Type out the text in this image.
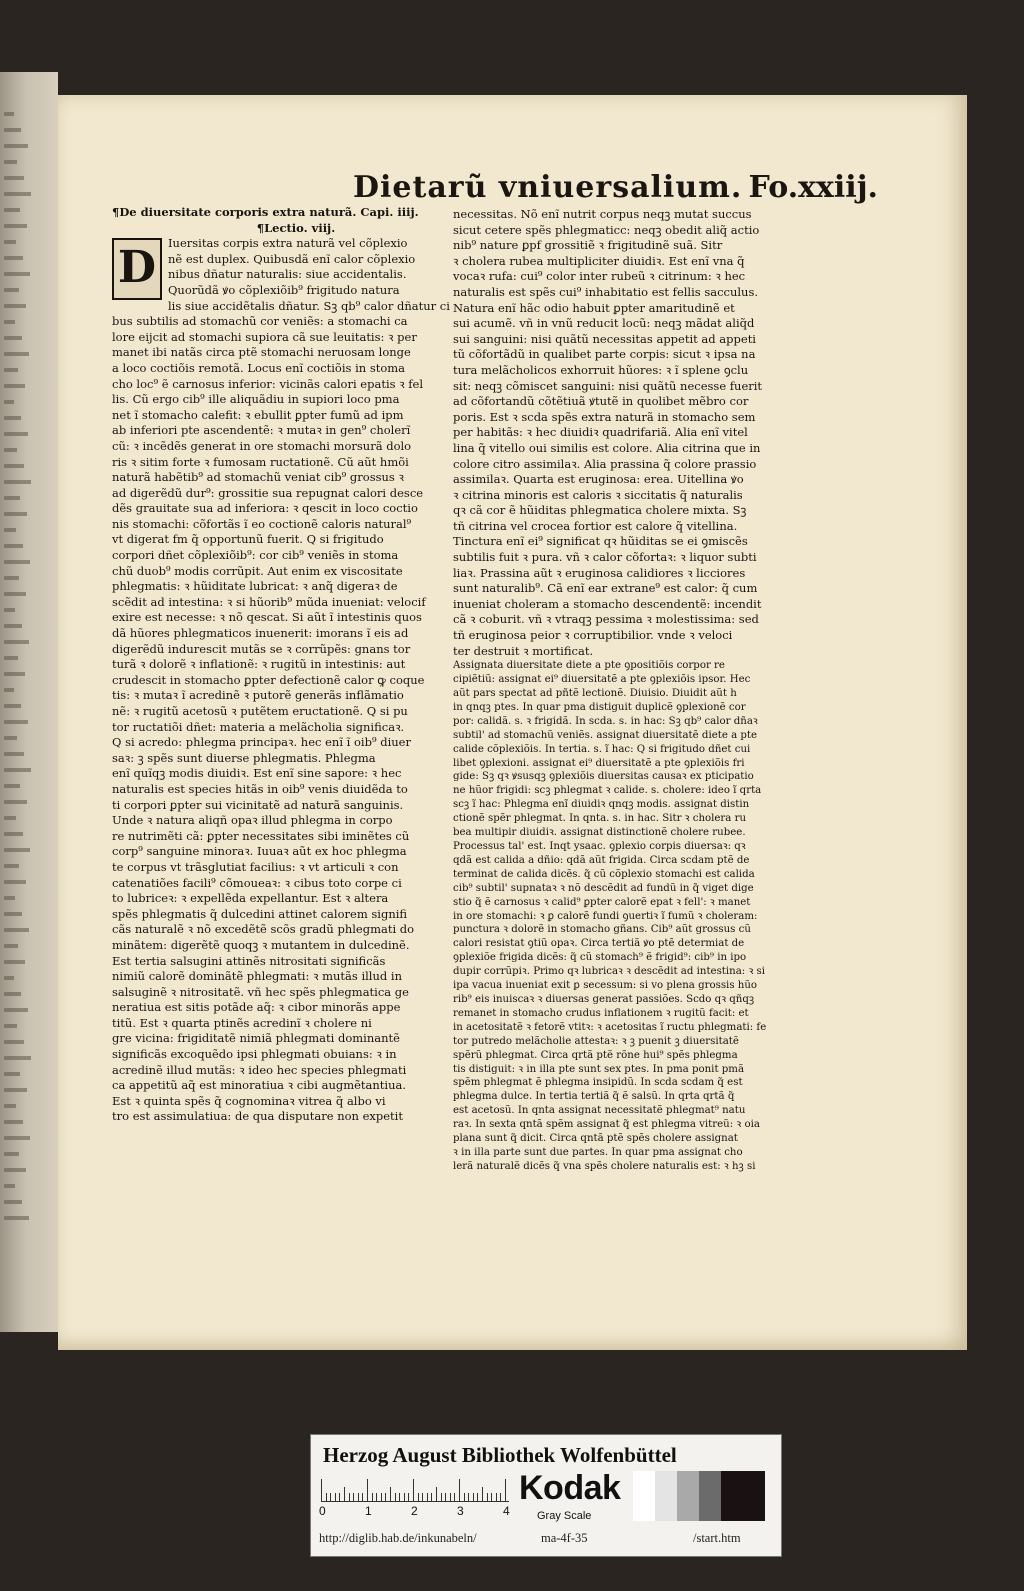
Dietarũ vniuersalium. Fo.xxiij.

¶De diuersitate corporis extra naturã. Capi. iiij.

¶Lectio. viij.

D	Iuersitas corpis extra naturã vel cõplexio
nẽ est duplex. Quibusdã enĩ calor cõplexio
nibus dñatur naturalis: siue accidentalis.
Quorũdã ꝟo cõplexiõib⁹ frigitudo natura
lis siue accidẽtalis dñatur. Sꝫ qb⁹ calor dñatur ci
bus subtilis ad stomachũ cor veniẽs: a stomachi ca
lore eijcit ad stomachi supiora cã sue leuitatis: ꝛ per
manet ibi natãs circa ptẽ stomachi neruosam longe
a loco coctiõis remotã. Locus enĩ coctiõis in stoma
cho loc⁹ ẽ carnosus inferior: vicinãs calori epatis ꝛ fel
lis. Cũ ergo cib⁹ ille aliquãdiu in supiori loco pma
net ĩ stomacho calefit: ꝛ ebullit ꝑpter fumũ ad ipm
ab inferiori pte ascendentẽ: ꝛ mutaꝛ in gen⁹ cholerĩ
cũ: ꝛ incẽdẽs generat in ore stomachi morsurã dolo
ris ꝛ sitim forte ꝛ fumosam ructationẽ. Cũ aũt hmõi
naturã habẽtib⁹ ad stomachũ veniat cib⁹ grossus ꝛ
ad digerẽdũ dur⁹: grossitie sua repugnat calori desce
dẽs grauitate sua ad inferiora: ꝛ qescit in loco coctio
nis stomachi: cõfortãs ĩ eo coctionẽ caloris natural⁹
vt digerat fm q̃ opportunũ fuerit. Q si frigitudo
corpori dñet cõplexiõib⁹: cor cib⁹ veniẽs in stoma
chũ duob⁹ modis corrũpit. Aut enim ex viscositate
phlegmatis: ꝛ hũiditate lubricat: ꝛ anq̃ digeraꝛ de
scẽdit ad intestina: ꝛ si hũorib⁹ mũda inueniat: velocif
exire est necesse: ꝛ nõ qescat. Si aũt ĩ intestinis quos
dã hũores phlegmaticos inuenerit: imorans ĩ eis ad
digerẽdũ indurescit mutãs se ꝛ corrũpẽs: gnans tor
turã ꝛ dolorẽ ꝛ inflationẽ: ꝛ rugitũ in intestinis: aut
crudescit in stomacho ꝑpter defectionẽ calor ꝙ coque
tis: ꝛ mutaꝛ ĩ acredinẽ ꝛ putorẽ generãs inflãmatio
nẽ: ꝛ rugitũ acetosũ ꝛ putẽtem eructationẽ. Q si pu
tor ructatiõi dñet: materia a melãcholia significaꝛ.
Q si acredo: phlegma principaꝛ. hec enĩ ĩ oib⁹ diuer
saꝛ: ꝫ spẽs sunt diuerse phlegmatis. Phlegma
enĩ quĩqꝫ modis diuidiꝛ. Est enĩ sine sapore: ꝛ hec
naturalis est species hitãs in oib⁹ venis diuidẽda to
ti corpori ꝑpter sui vicinitatẽ ad naturã sanguinis.
Unde ꝛ natura aliqñ opaꝛ illud phlegma in corpo
re nutrimẽti cã: ꝑpter necessitates sibi iminẽtes cũ
corp⁹ sanguine minoraꝛ. Iuuaꝛ aũt ex hoc phlegma
te corpus vt trãsglutiat facilius: ꝛ vt articuli ꝛ con
catenatiões facili⁹ cõmoueaꝛ: ꝛ cibus toto corpe ci
to lubriceꝛ: ꝛ expellẽda expellantur. Est ꝛ altera
spẽs phlegmatis q̃ dulcedini attinet calorem signifi
cãs naturalẽ ꝛ nõ excedẽtẽ scõs gradũ phlegmati do
minãtem: digerẽtẽ quoqꝫ ꝛ mutantem in dulcedinẽ.
Est tertia salsugini attinẽs nitrositati significãs
nimiũ calorẽ dominãtẽ phlegmati: ꝛ mutãs illud in
salsuginẽ ꝛ nitrositatẽ. vñ hec spẽs phlegmatica ge
neratiua est sitis potãde aq̃: ꝛ cibor minorãs appe
titũ. Est ꝛ quarta ptinẽs acredinĩ ꝛ cholere ni
gre vicina: frigiditatẽ nimiã phlegmati dominantẽ
significãs excoquẽdo ipsi phlegmati obuians: ꝛ in
acredinẽ illud mutãs: ꝛ ideo hec species phlegmati
ca appetitũ aq̃ est minoratiua ꝛ cibi augmẽtantiua.
Est ꝛ quinta spẽs q̃ cognominaꝛ vitrea q̃ albo vi
tro est assimulatiua: de qua disputare non expetit
necessitas. Nõ enĩ nutrit corpus neqꝫ mutat succus
sicut cetere spẽs phlegmaticc: neqꝫ obedit aliq̃ actio
nib⁹ nature ꝑpf grossitiẽ ꝛ frigitudinẽ suã. Sitr
ꝛ cholera rubea multipliciter diuidiꝛ. Est enĩ vna q̃
vocaꝛ rufa: cui⁹ color inter rubeũ ꝛ citrinum: ꝛ hec
naturalis est spẽs cui⁹ inhabitatio est fellis sacculus.
Natura enĩ hãc odio habuit ꝑpter amaritudinẽ et
sui acumẽ. vñ in vnũ reducit locũ: neqꝫ mãdat aliq̃d
sui sanguini: nisi quãtũ necessitas appetit ad appeti
tũ cõfortãdũ in qualibet parte corpis: sicut ꝛ ipsa na
tura melãcholicos exhorruit hũores: ꝛ ĩ splene ꝯclu
sit: neqꝫ cõmiscet sanguini: nisi quãtũ necesse fuerit
ad cõfortandũ cõtẽtiuã ꝟtutẽ in quolibet mẽbro cor
poris. Est ꝛ scda spẽs extra naturã in stomacho sem
per habitãs: ꝛ hec diuidiꝛ quadrifariã. Alia enĩ vitel
lina q̃ vitello oui similis est colore. Alia citrina que in
colore citro assimilaꝛ. Alia prassina q̃ colore prassio
assimilaꝛ. Quarta est eruginosa: erea. Uitellina ꝟo
ꝛ citrina minoris est caloris ꝛ siccitatis q̃ naturalis
qꝛ cã cor ẽ hũiditas phlegmatica cholere mixta. Sꝫ
tñ citrina vel crocea fortior est calore q̃ vitellina.
Tinctura enĩ ei⁹ significat qꝛ hũiditas se ei ꝯmiscẽs
subtilis fuit ꝛ pura. vñ ꝛ calor cõfortaꝛ: ꝛ liquor subti
liaꝛ. Prassina aũt ꝛ eruginosa calidiores ꝛ licciores
sunt naturalib⁹. Cã enĩ ear extrane⁹ est calor: q̃ cum
inueniat choleram a stomacho descendentẽ: incendit
cã ꝛ coburit. vñ ꝛ vtraqꝫ pessima ꝛ molestissima: sed
tñ eruginosa peior ꝛ corruptibilior. vnde ꝛ veloci
ter destruit ꝛ mortificat.
Assignata diuersitate diete a pte ꝯpositiõis corpor re
cipiẽtiũ: assignat ei⁹ diuersitatẽ a pte ꝯplexiõis ipsor. Hec
aũt pars spectat ad pñtẽ lectionẽ. Diuisio. Diuidit aũt h
in qnqꝫ ptes. In quar pma distiguit duplicẽ ꝯplexionẽ cor
por: calidã. s. ꝛ frigidã. In scda. s. in hac: Sꝫ qb⁹ calor dñaꝛ
subtil' ad stomachũ veniẽs. assignat diuersitatẽ diete a pte
calide cõplexiõis. In tertia. s. ĩ hac: Q si frigitudo dñet cui
libet ꝯplexioni. assignat ei⁹ diuersitatẽ a pte ꝯplexiõis fri
gide: Sꝫ qꝛ ꝟsusqꝫ ꝯplexiõis diuersitas causaꝛ ex pticipatio
ne hũor frigidi: scꝫ phlegmat ꝛ calide. s. cholere: ideo ĩ qrta
scꝫ ĩ hac: Phlegma enĩ diuidiꝛ qnqꝫ modis. assignat distin
ctionẽ spẽr phlegmat. In qnta. s. in hac. Sitr ꝛ cholera ru
bea multipir diuidiꝛ. assignat distinctionẽ cholere rubee.
Processus tal' est. Inqt ysaac. ꝯplexio corpis diuersaꝛ: qꝛ
qdã est calida a dñio: qdã aũt frigida. Circa scdam ptẽ de
terminat de calida dicẽs. q̃ cũ cõplexio stomachi est calida
cib⁹ subtil' supnataꝛ ꝛ nõ descẽdit ad fundũ in q̃ viget dige
stio q̃ ẽ carnosus ꝛ calid⁹ ꝑpter calorẽ epat ꝛ fell': ꝛ manet
in ore stomachi: ꝛ ꝑ calorẽ fundi ꝯuertiꝛ ĩ fumũ ꝛ choleram:
punctura ꝛ dolorẽ in stomacho gñans. Cib⁹ aũt grossus cũ
calori resistat ꝯtiũ opaꝛ. Circa tertiã ꝟo ptẽ determiat de
ꝯplexiõe frigida dicẽs: q̃ cũ stomach⁹ ẽ frigid⁹: cib⁹ in ipo
dupir corrũpiꝛ. Primo qꝛ lubricaꝛ ꝛ descẽdit ad intestina: ꝛ si
ipa vacua inueniat exit ꝑ secessum: si vo plena grossis hũo
rib⁹ eis inuiscaꝛ ꝛ diuersas generat passiões. Scdo qꝛ qñqꝫ
remanet in stomacho crudus inflationem ꝛ rugitũ facit: et
in acetositatẽ ꝛ fetorẽ vtitꝛ: ꝛ acetositas ĩ ructu phlegmati: fe
tor putredo melãcholie attestaꝛ: ꝛ ꝫ puenit ꝫ diuersitatẽ
spẽrũ phlegmat. Circa qrtã ptẽ rõne hui⁹ spẽs phlegma
tis distiguit: ꝛ in illa pte sunt sex ptes. In pma ponit pmã
spẽm phlegmat ẽ phlegma insipidũ. In scda scdam q̃ est
phlegma dulce. In tertia tertiã q̃ ẽ salsũ. In qrta qrtã q̃
est acetosũ. In qnta assignat necessitatẽ phlegmat⁹ natu
raꝛ. In sexta qntã spẽm assignat q̃ est phlegma vitreũ: ꝛ oia
plana sunt q̃ dicit. Circa qntã ptẽ spẽs cholere assignat
ꝛ in illa parte sunt due partes. In quar pma assignat cho
lerã naturalẽ dicẽs q̃ vna spẽs cholere naturalis est: ꝛ hꝫ si
Herzog August Bibliothek Wolfenbüttel
0	1	2	3	4
Kodak
Gray Scale
http://diglib.hab.de/inkunabeln/	ma-4f-35	/start.htm
